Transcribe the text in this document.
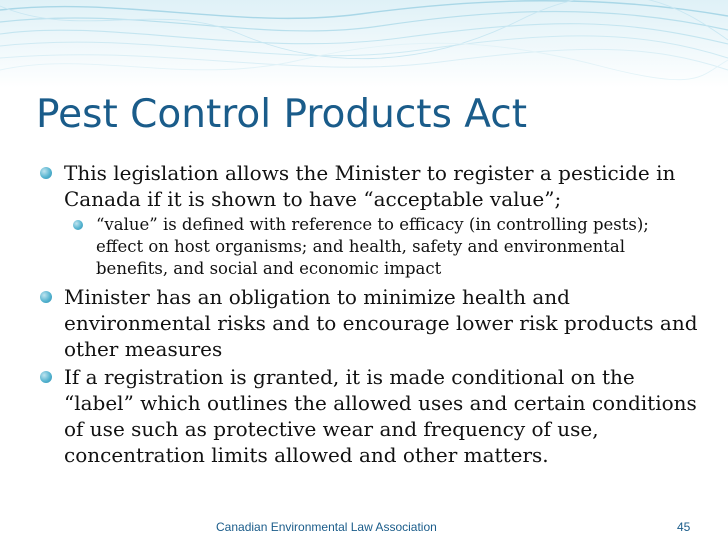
Pest Control Products Act

This legislation allows the Minister to register a pesticide in Canada if it is shown to have “acceptable value”;

“value” is defined with reference to efficacy (in controlling pests); effect on host organisms; and health, safety and environmental benefits, and social and economic impact

Minister has an obligation to minimize health and environmental risks and to encourage lower risk products and other measures

If a registration is granted, it is made conditional on the “label” which outlines the allowed uses and certain conditions of use such as protective wear and frequency of use, concentration limits allowed and other matters.

Canadian Environmental Law Association	45
